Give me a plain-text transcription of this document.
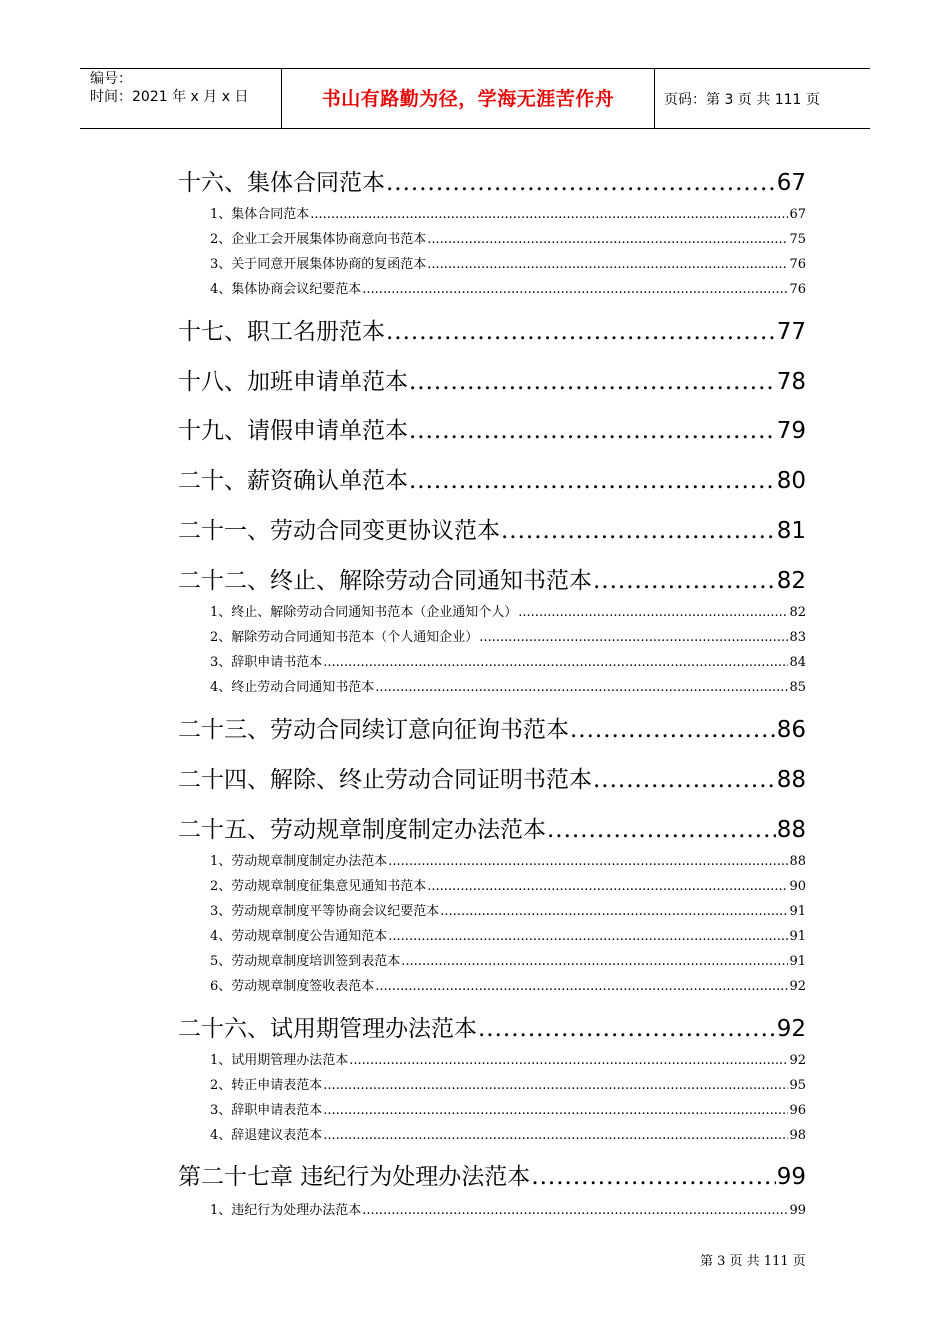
编号：
时间：2021 年 x 月 x 日	书山有路勤为径，学海无涯苦作舟	页码：第 3 页 共 111 页
十六、集体合同范本 .....	67
1、集体合同范本 .....	67
2、企业工会开展集体协商意向书范本 .....	75
3、关于同意开展集体协商的复函范本 .....	76
4、集体协商会议纪要范本 .....	76
十七、职工名册范本 .....	77
十八、加班申请单范本 .....	78
十九、请假申请单范本 .....	79
二十、薪资确认单范本 .....	80
二十一、劳动合同变更协议范本 .....	81
二十二、终止、解除劳动合同通知书范本 .....	82
1、终止、解除劳动合同通知书范本（企业通知个人） .....	82
2、解除劳动合同通知书范本（个人通知企业） .....	83
3、辞职申请书范本 .....	84
4、终止劳动合同通知书范本 .....	85
二十三、劳动合同续订意向征询书范本 .....	86
二十四、解除、终止劳动合同证明书范本 .....	88
二十五、劳动规章制度制定办法范本 .....	88
1、劳动规章制度制定办法范本 .....	88
2、劳动规章制度征集意见通知书范本 .....	90
3、劳动规章制度平等协商会议纪要范本 .....	91
4、劳动规章制度公告通知范本 .....	91
5、劳动规章制度培训签到表范本 .....	91
6、劳动规章制度签收表范本 .....	92
二十六、试用期管理办法范本 .....	92
1、试用期管理办法范本 .....	92
2、转正申请表范本 .....	95
3、辞职申请表范本 .....	96
4、辞退建议表范本 .....	98
第二十七章 违纪行为处理办法范本 .....	99
1、违纪行为处理办法范本 .....	99
第 3 页 共 111 页
